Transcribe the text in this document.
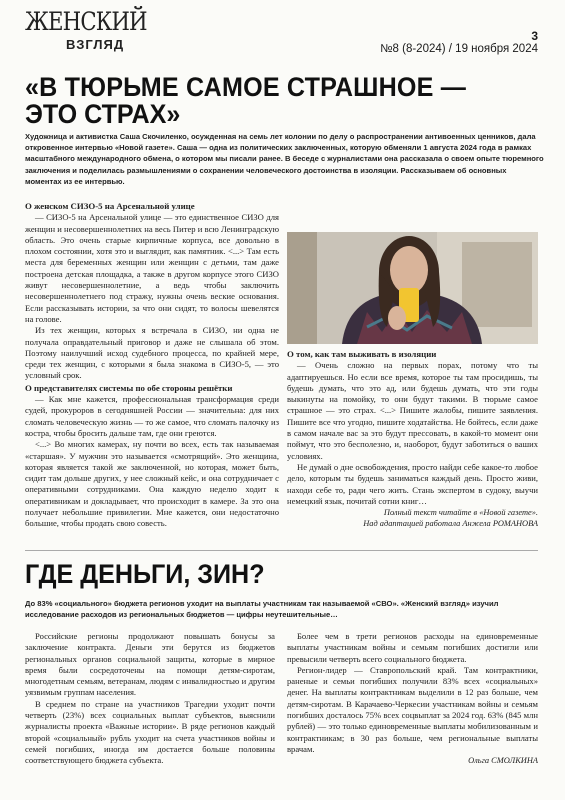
ЖЕНСКИЙ
ВЗГЛЯД
3
№8 (8-2024) / 19 ноября 2024
«В ТЮРЬМЕ САМОЕ СТРАШНОЕ —
ЭТО СТРАХ»
Художница и активистка Саша Скочиленко, осужденная на семь лет колонии по делу о распространении антивоенных ценников, дала откровенное интервью «Новой газете». Саша — одна из политических заключенных, которую обменяли 1 августа 2024 года в рамках масштабного международного обмена, о котором мы писали ранее. В беседе с журналистами она рассказала о своем опыте тюремного заключения и поделилась размышлениями о сохранении человеческого достоинства в изоляции. Рассказываем об основных моментах из ее интервью.
О женском СИЗО-5 на Арсенальной улице

— СИЗО-5 на Арсенальной улице — это единственное СИЗО для женщин и несовершеннолетних на весь Питер и всю Ленинградскую область. Это очень старые кирпичные корпуса, все довольно в плохом состоянии, хотя это и выглядит, как памятник. <...> Там есть места для беременных женщин или женщин с детьми, там даже построена детская площадка, а также в другом корпусе этого СИЗО живут несовершеннолетние, а ведь чтобы заключить несовершеннолетнего под стражу, нужны очень веские основания. Если рассказывать истории, за что они сидят, то волосы шевелятся на голове.

Из тех женщин, которых я встречала в СИЗО, ни одна не получала оправдательный приговор и даже не слышала об этом. Поэтому наилучший исход судебного процесса, по крайней мере, среди тех женщин, с которыми я была знакома в СИЗО-5, — это условный срок.

О представителях системы по обе стороны решётки

— Как мне кажется, профессиональная трансформация среди судей, прокуроров в сегодняшней России — значительна: для них сломать человеческую жизнь — то же самое, что сломать палочку из костра, чтобы бросить дальше там, где они греются.

<...> Во многих камерах, ну почти во всех, есть так называемая «старшая». У мужчин это называется «смотрящий». Это женщина, которая является такой же заключенной, но которая, может быть, сидит там дольше других, у нее сложный кейс, и она сотрудничает с оперативными сотрудниками. Она каждую неделю ходит к оперативникам и докладывает, что происходит в камере. За это она получает небольшие привилегии. Мне кажется, они недостаточно большие, чтобы продать свою совесть.

О том, как там выживать в изоляции

— Очень сложно на первых порах, потому что ты адаптируешься. Но если все время, которое ты там просидишь, ты будешь думать, что это ад, или будешь думать, что эти годы выкинуты на помойку, то они будут такими. В тюрьме самое страшное — это страх. <...> Пишите жалобы, пишите заявления. Пишите все что угодно, пишите ходатайства. Не бойтесь, если даже в самом начале вас за это будут прессовать, в какой-то момент они поймут, что это бесполезно, и, наоборот, будут заботиться о ваших условиях.

Не думай о дне освобождения, просто найди себе какое-то любое дело, которым ты будешь заниматься каждый день. Просто живи, находи себе то, ради чего жить. Стань экспертом в судоку, выучи немецкий язык, почитай сотни книг…

Полный текст читайте в «Новой газете».

Над адаптацией работала Анжела РОМАНОВА

ГДЕ ДЕНЬГИ, ЗИН?
До 83% «социального» бюджета регионов уходит на выплаты участникам так называемой «СВО». «Женский взгляд» изучил исследование расходов из региональных бюджетов — цифры неутешительные…

Российские регионы продолжают повышать бонусы за заключение контракта. Деньги эти берутся из бюджетов региональных органов социальной защиты, которые в мирное время были сосредоточены на помощи детям-сиротам, многодетным семьям, ветеранам, людям с инвалидностью и другим уязвимым группам населения.

В среднем по стране на участников Трагедии уходит почти четверть (23%) всех социальных выплат субъектов, выяснили журналисты проекта «Важные истории». В ряде регионов каждый второй «социальный» рубль уходит на счета участников войны и семей погибших, иногда им достается больше половины соответствующего бюджета субъекта.

Более чем в трети регионов расходы на единовременные выплаты участникам войны и семьям погибших достигли или превысили четверть всего социального бюджета.

Регион-лидер — Ставропольский край. Там контрактники, раненые и семьи погибших получили 83% всех «социальных» денег. На выплаты контрактникам выделили в 12 раз больше, чем детям-сиротам. В Карачаево-Черкесии участникам войны и семьям погибших досталось 75% всех соцвыплат за 2024 год. 63% (845 млн рублей) — это только единовременные выплаты мобилизованным и контрактникам; в 30 раз больше, чем региональные выплаты врачам.

Ольга СМОЛКИНА
